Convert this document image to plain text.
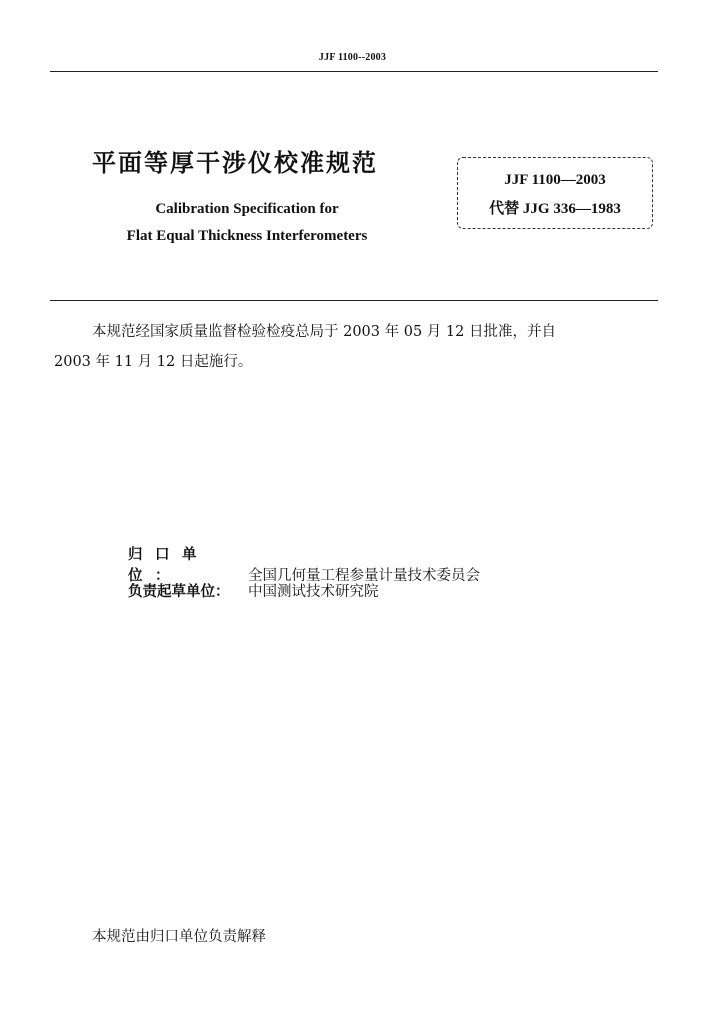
JJF 1100--2003
平面等厚干涉仪校准规范
Calibration Specification for
Flat Equal Thickness Interferometers
JJF 1100—2003
代替 JJG 336—1983
本规范经国家质量监督检验检疫总局于 2003 年 05 月 12 日批准，并自
2003 年 11 月 12 日起施行。
归口单位：	全国几何量工程参量计量技术委员会
负责起草单位： 中国测试技术研究院
本规范由归口单位负责解释
